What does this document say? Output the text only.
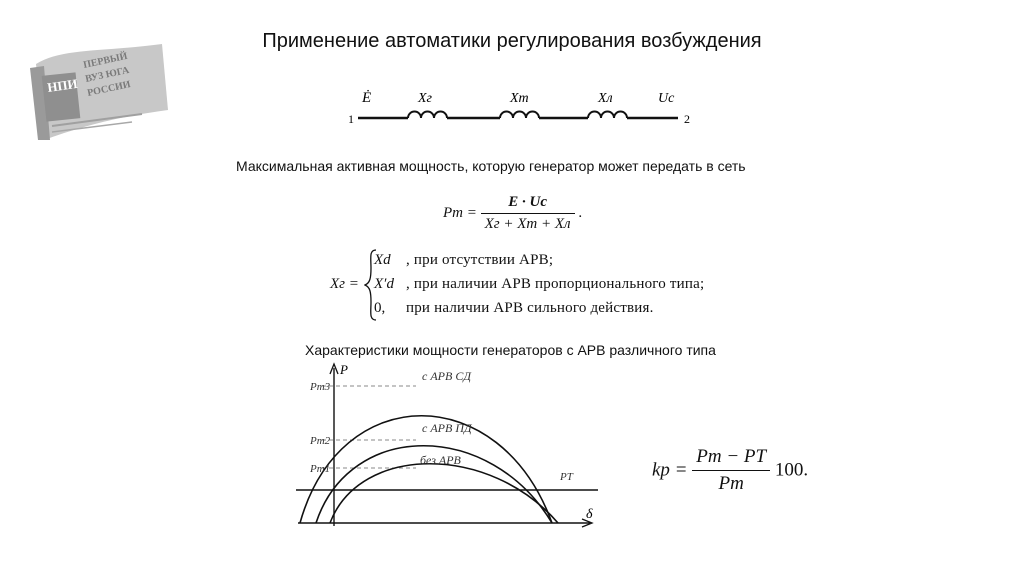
НПИ
ПЕРВЫЙ
ВУЗ ЮГА
РОССИИ
Применение автоматики регулирования возбуждения
1	2
Ė	Xг	Xт	Xл	Uc
Максимальная активная мощность, которую генератор может передать в сеть
$Pm = \frac{E \cdot Uc}{Xг + Xт + Xл}$ .
Xг =
Xd , при отсутствии АРВ;
X′d , при наличии АРВ пропорционального типа;
0, при наличии АРВ сильного действия.
Характеристики мощности генераторов с АРВ различного типа
P
δ
Pm3
Pm2
Pm1
с АРВ СД
с АРВ ПД
без АРВ
PT	kp = $\frac{Pm - PT}{Pm} 100$.
